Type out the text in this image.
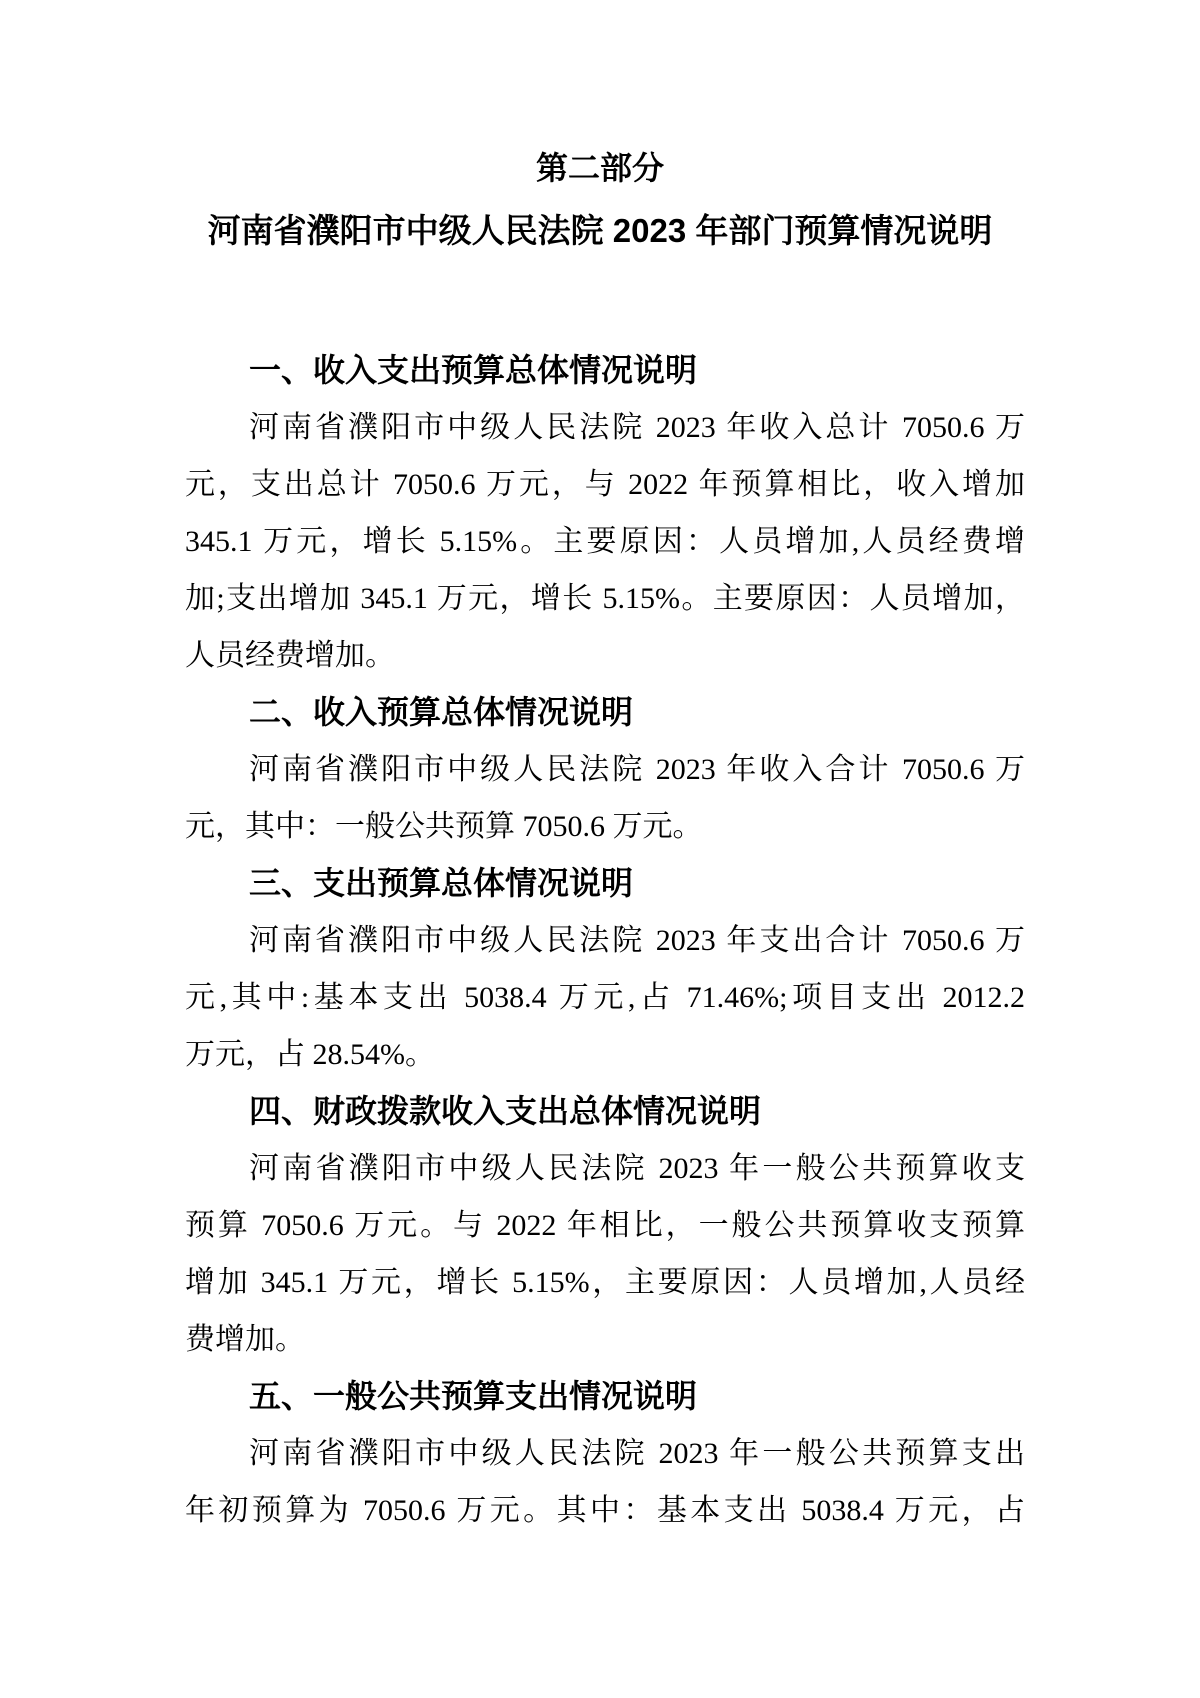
第二部分
河南省濮阳市中级人民法院 2023 年部门预算情况说明
一、收入支出预算总体情况说明
河南省濮阳市中级人民法院 2023 年收入总计 7050.6 万
元，支出总计 7050.6 万元，与 2022 年预算相比，收入增加
345.1 万元，增长 5.15%。主要原因：人员增加,人员经费增
加;支出增加 345.1 万元，增长 5.15%。主要原因：人员增加，
人员经费增加。
二、收入预算总体情况说明
河南省濮阳市中级人民法院 2023 年收入合计 7050.6 万
元，其中：一般公共预算 7050.6 万元。
三、支出预算总体情况说明
河南省濮阳市中级人民法院 2023 年支出合计 7050.6 万
元,其中:基本支出 5038.4 万元,占 71.46%;项目支出 2012.2
万元，占 28.54%。
四、财政拨款收入支出总体情况说明
河南省濮阳市中级人民法院 2023 年一般公共预算收支
预算 7050.6 万元。与 2022 年相比，一般公共预算收支预算
增加 345.1 万元，增长 5.15%，主要原因：人员增加,人员经
费增加。
五、一般公共预算支出情况说明
河南省濮阳市中级人民法院 2023 年一般公共预算支出
年初预算为 7050.6 万元。其中：基本支出 5038.4 万元，占
